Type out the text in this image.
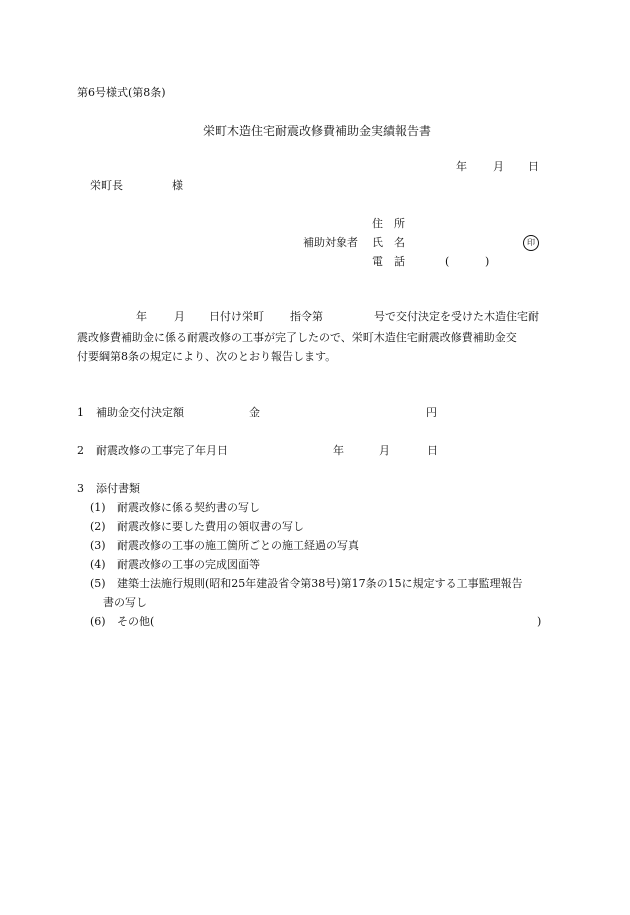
第6号様式(第8条)
栄町木造住宅耐震改修費補助金実績報告書
年 月 日
栄町長	様
住　所
補助対象者 氏　名	印
電　話	(	)
年 月 日付け栄町 指令第	号で交付決定を受けた木造住宅耐
震改修費補助金に係る耐震改修の工事が完了したので、栄町木造住宅耐震改修費補助金交
付要綱第8条の規定により、次のとおり報告します。
1 補助金交付決定額	金	円
2 耐震改修の工事完了年月日	年	月	日
3 添付書類
(1) 耐震改修に係る契約書の写し
(2) 耐震改修に要した費用の領収書の写し
(3) 耐震改修の工事の施工箇所ごとの施工経過の写真
(4) 耐震改修の工事の完成図面等
(5) 建築士法施行規則(昭和25年建設省令第38号)第17条の15に規定する工事監理報告
書の写し
(6) その他(	)
